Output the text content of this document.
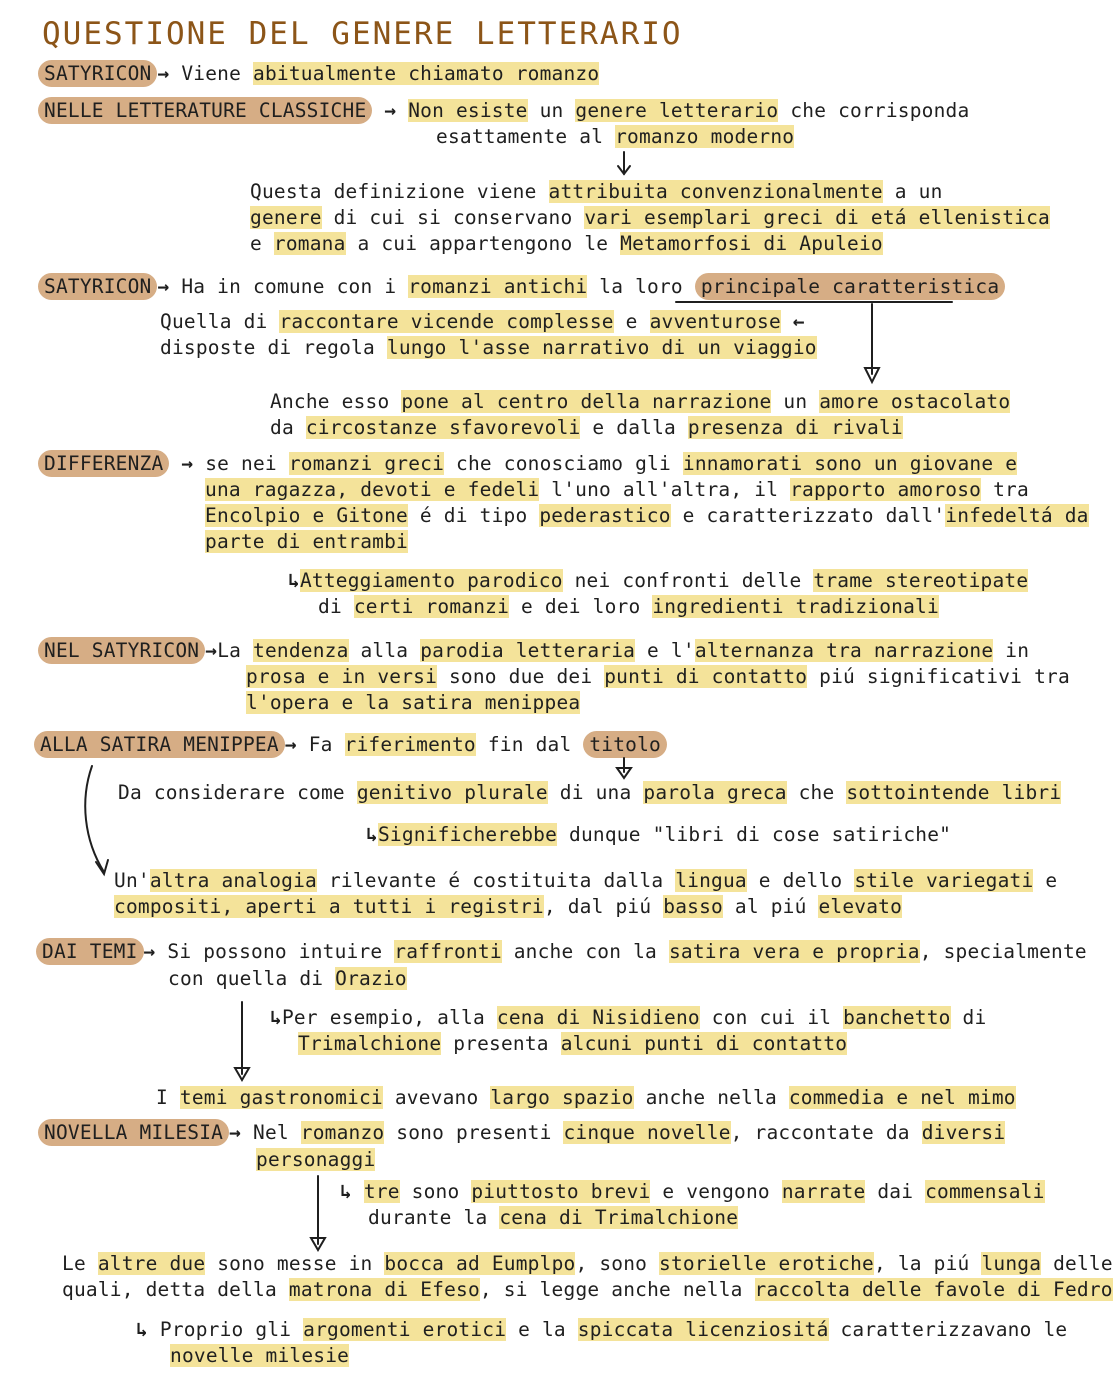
QUESTIONE DEL GENERE LETTERARIO
SATYRICON → Viene abitualmente chiamato romanzo
NELLE LETTERATURE CLASSICHE → Non esiste un genere letterario che corrisponda
esattamente al romanzo moderno
Questa definizione viene attribuita convenzionalmente a un
genere di cui si conservano vari esemplari greci di etá ellenistica
e romana a cui appartengono le Metamorfosi di Apuleio
SATYRICON → Ha in comune con i romanzi antichi la loro principale caratteristica
Quella di raccontare vicende complesse e avventurose ←
disposte di regola lungo l'asse narrativo di un viaggio
Anche esso pone al centro della narrazione un amore ostacolato
da circostanze sfavorevoli e dalla presenza di rivali
DIFFERENZA → se nei romanzi greci che conosciamo gli innamorati sono un giovane e
una ragazza, devoti e fedeli l'uno all'altra, il rapporto amoroso tra
Encolpio e Gitone é di tipo pederastico e caratterizzato dall'infedeltá da
parte di entrambi
↳Atteggiamento parodico nei confronti delle trame stereotipate
di certi romanzi e dei loro ingredienti tradizionali
NEL SATYRICON →La tendenza alla parodia letteraria e l'alternanza tra narrazione in
prosa e in versi sono due dei punti di contatto piú significativi tra
l'opera e la satira menippea
ALLA SATIRA MENIPPEA → Fa riferimento fin dal titolo
Da considerare come genitivo plurale di una parola greca che sottointende libri
↳Significherebbe dunque "libri di cose satiriche"
Un'altra analogia rilevante é costituita dalla lingua e dello stile variegati e
compositi, aperti a tutti i registri, dal piú basso al piú elevato
DAI TEMI → Si possono intuire raffronti anche con la satira vera e propria, specialmente
con quella di Orazio
↳Per esempio, alla cena di Nisidieno con cui il banchetto di
Trimalchione presenta alcuni punti di contatto
I temi gastronomici avevano largo spazio anche nella commedia e nel mimo
NOVELLA MILESIA → Nel romanzo sono presenti cinque novelle, raccontate da diversi
personaggi
↳ tre sono piuttosto brevi e vengono narrate dai commensali
durante la cena di Trimalchione
Le altre due sono messe in bocca ad Eumplpo, sono storielle erotiche, la piú lunga delle
quali, detta della matrona di Efeso, si legge anche nella raccolta delle favole di Fedro
↳ Proprio gli argomenti erotici e la spiccata licenziositá caratterizzavano le
novelle milesie
